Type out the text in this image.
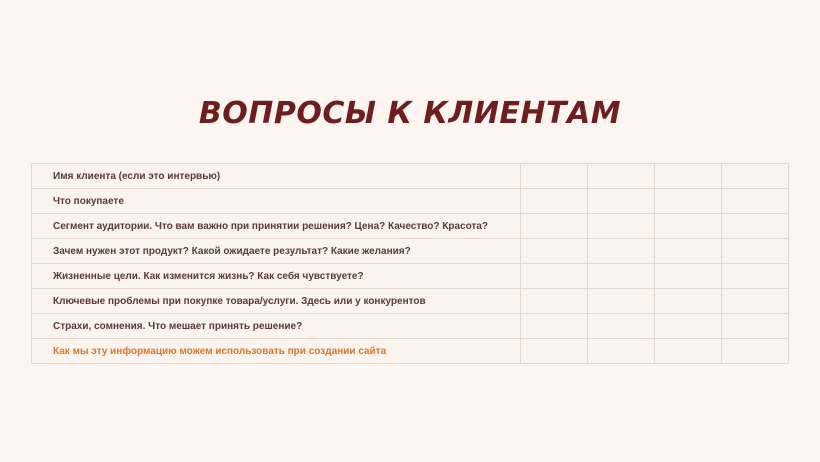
ВОПРОСЫ К КЛИЕНТАМ
Имя клиента (если это интервью)				
Что покупаете				
Сегмент аудитории. Что вам важно при принятии решения? Цена? Качество? Красота?				
Зачем нужен этот продукт? Какой ожидаете результат? Какие желания?				
Жизненные цели. Как изменится жизнь? Как себя чувствуете?				
Ключевые проблемы при покупке товара/услуги. Здесь или у конкурентов				
Страхи, сомнения. Что мешает принять решение?				
Как мы эту информацию можем использовать при создании сайта				
